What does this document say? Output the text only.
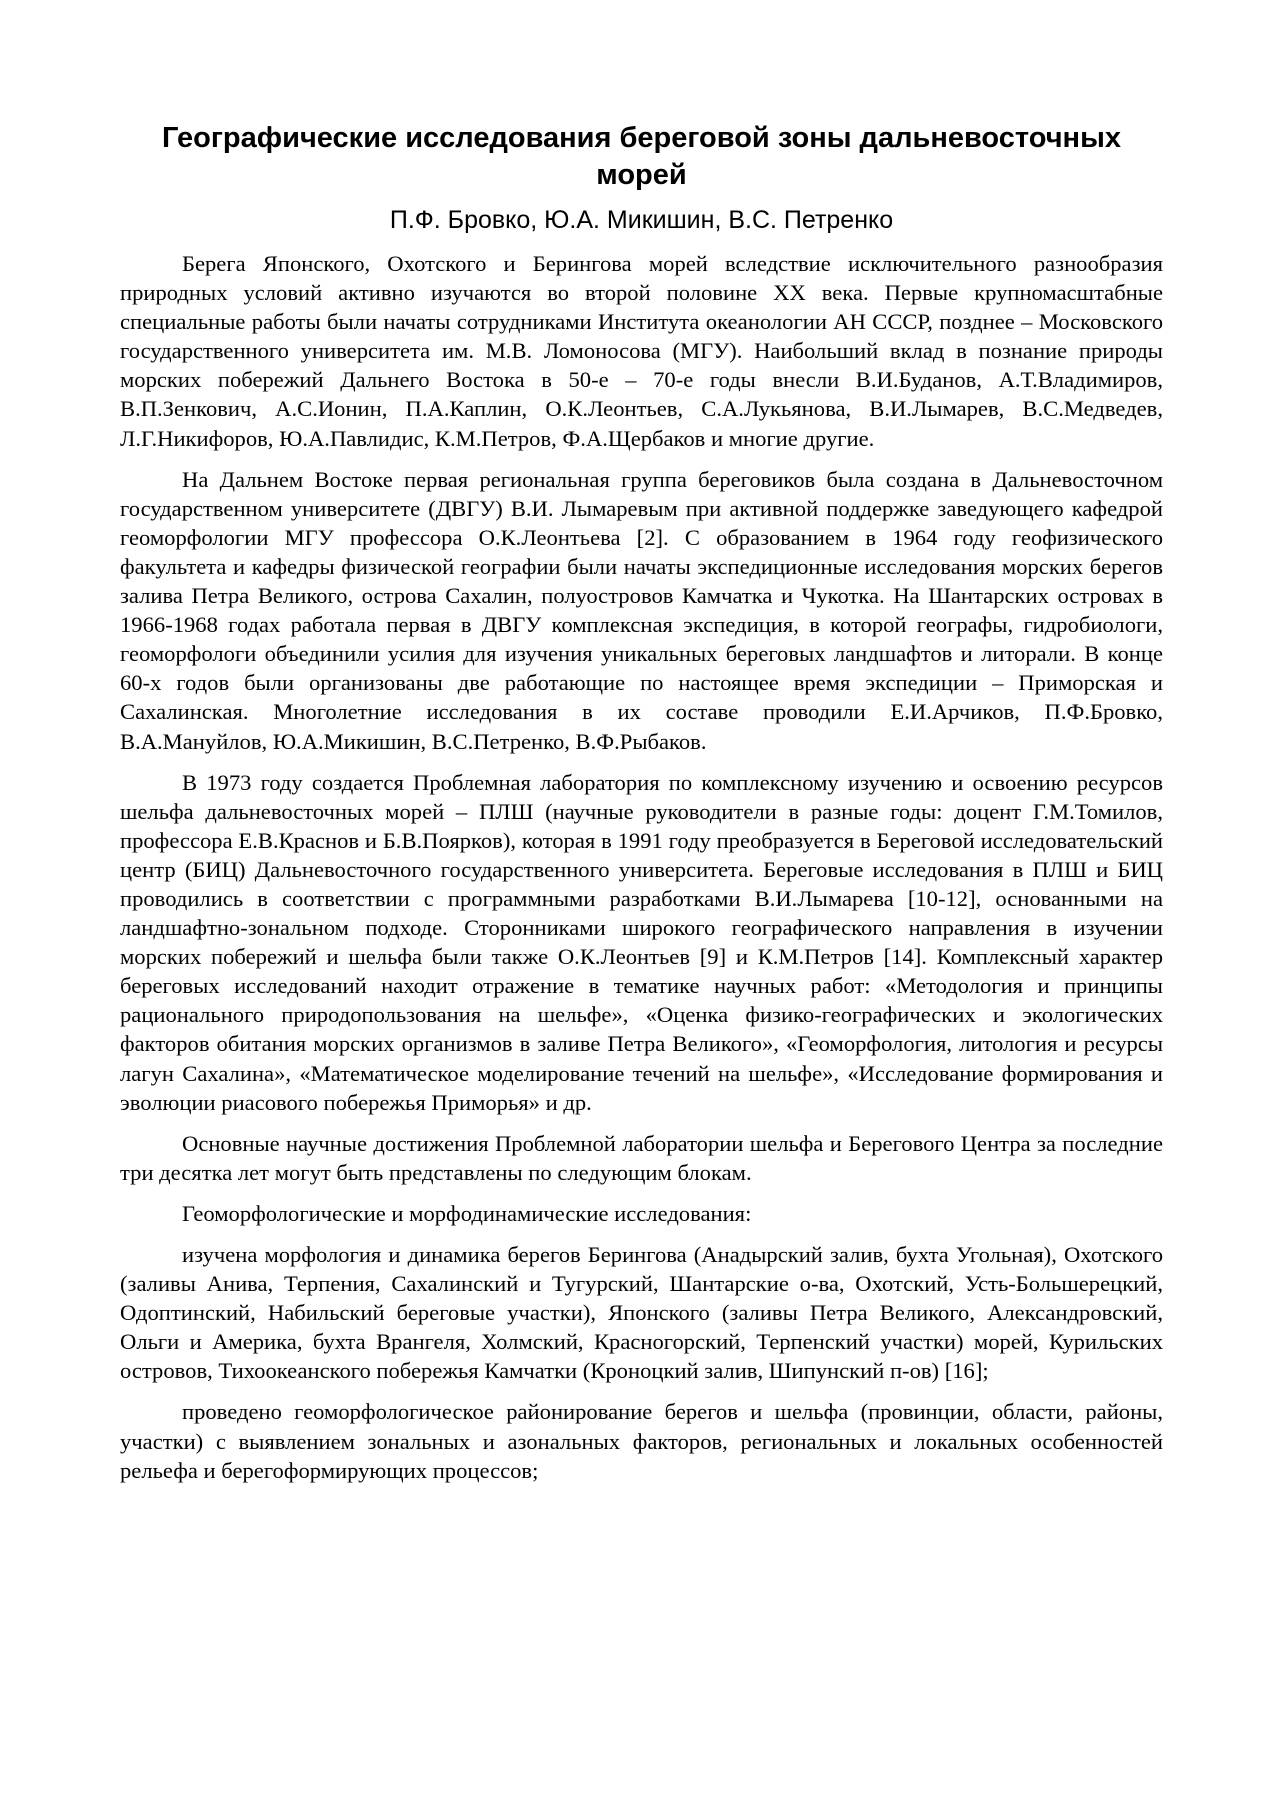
Географические исследования береговой зоны дальневосточных морей
П.Ф. Бровко, Ю.А. Микишин, В.С. Петренко

Берега Японского, Охотского и Берингова морей вследствие исключительного разнообразия природных условий активно изучаются во второй половине XX века. Первые крупномасштабные специальные работы были начаты сотрудниками Института океанологии АН СССР, позднее – Московского государственного университета им. М.В. Ломоносова (МГУ). Наибольший вклад в познание природы морских побережий Дальнего Востока в 50-е – 70-е годы внесли В.И.Буданов, А.Т.Владимиров, В.П.Зенкович, А.С.Ионин, П.А.Каплин, О.К.Леонтьев, С.А.Лукьянова, В.И.Лымарев, В.С.Медведев, Л.Г.Никифоров, Ю.А.Павлидис, К.М.Петров, Ф.А.Щербаков и многие другие.

На Дальнем Востоке первая региональная группа береговиков была создана в Дальневосточном государственном университете (ДВГУ) В.И. Лымаревым при активной поддержке заведующего кафедрой геоморфологии МГУ профессора О.К.Леонтьева [2]. С образованием в 1964 году геофизического факультета и кафедры физической географии были начаты экспедиционные исследования морских берегов залива Петра Великого, острова Сахалин, полуостровов Камчатка и Чукотка. На Шантарских островах в 1966-1968 годах работала первая в ДВГУ комплексная экспедиция, в которой географы, гидробиологи, геоморфологи объединили усилия для изучения уникальных береговых ландшафтов и литорали. В конце 60-х годов были организованы две работающие по настоящее время экспедиции – Приморская и Сахалинская. Многолетние исследования в их составе проводили Е.И.Арчиков, П.Ф.Бровко, В.А.Мануйлов, Ю.А.Микишин, В.С.Петренко, В.Ф.Рыбаков.

В 1973 году создается Проблемная лаборатория по комплексному изучению и освоению ресурсов шельфа дальневосточных морей – ПЛШ (научные руководители в разные годы: доцент Г.М.Томилов, профессора Е.В.Краснов и Б.В.Поярков), которая в 1991 году преобразуется в Береговой исследовательский центр (БИЦ) Дальневосточного государственного университета. Береговые исследования в ПЛШ и БИЦ проводились в соответствии с программными разработками В.И.Лымарева [10-12], основанными на ландшафтно-зональном подходе. Сторонниками широкого географического направления в изучении морских побережий и шельфа были также О.К.Леонтьев [9] и К.М.Петров [14]. Комплексный характер береговых исследований находит отражение в тематике научных работ: «Методология и принципы рационального природопользования на шельфе», «Оценка физико-географических и экологических факторов обитания морских организмов в заливе Петра Великого», «Геоморфология, литология и ресурсы лагун Сахалина», «Математическое моделирование течений на шельфе», «Исследование формирования и эволюции риасового побережья Приморья» и др.

Основные научные достижения Проблемной лаборатории шельфа и Берегового Центра за последние три десятка лет могут быть представлены по следующим блокам.

Геоморфологические и морфодинамические исследования:

изучена морфология и динамика берегов Берингова (Анадырский залив, бухта Угольная), Охотского (заливы Анива, Терпения, Сахалинский и Тугурский, Шантарские о-ва, Охотский, Усть-Большерецкий, Одоптинский, Набильский береговые участки), Японского (заливы Петра Великого, Александровский, Ольги и Америка, бухта Врангеля, Холмский, Красногорский, Терпенский участки) морей, Курильских островов, Тихоокеанского побережья Камчатки (Кроноцкий залив, Шипунский п-ов) [16];

проведено геоморфологическое районирование берегов и шельфа (провинции, области, районы, участки) с выявлением зональных и азональных факторов, региональных и локальных особенностей рельефа и берегоформирующих процессов;
